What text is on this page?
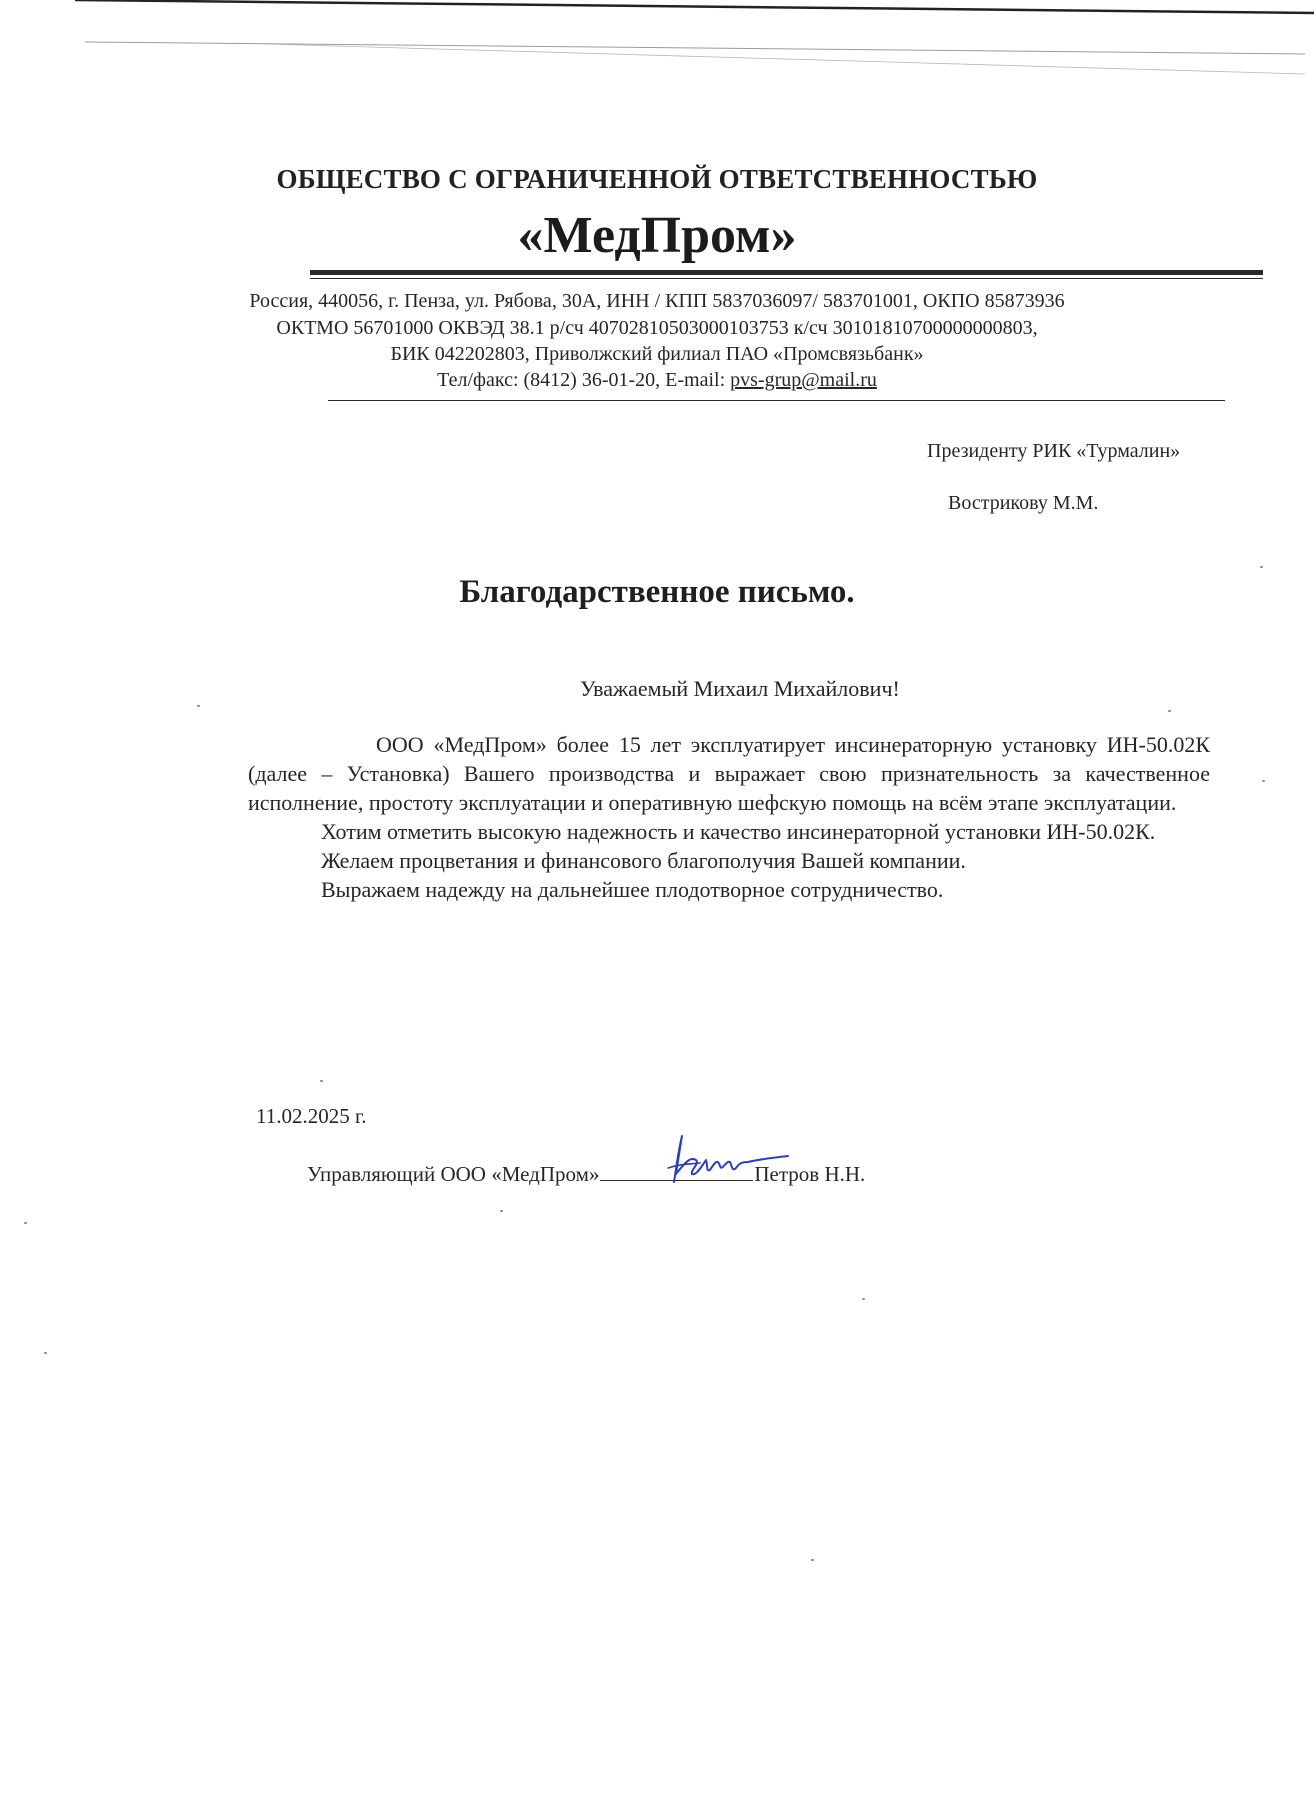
ОБЩЕСТВО С ОГРАНИЧЕННОЙ ОТВЕТСТВЕННОСТЬЮ
«МедПром»
Россия, 440056, г. Пенза, ул. Рябова, 30А, ИНН / КПП 5837036097/ 583701001, ОКПО 85873936
ОКТМО 56701000 ОКВЭД 38.1 р/сч 40702810503000103753 к/сч 30101810700000000803,
БИК 042202803, Приволжский филиал ПАО «Промсвязьбанк»
Тел/факс: (8412) 36-01-20, E-mail: pvs-grup@mail.ru
Президенту РИК «Турмалин»
Вострикову М.М.
Благодарственное письмо.
Уважаемый Михаил Михайлович!

ООО «МедПром» более 15 лет эксплуатирует инсинераторную установку ИН-50.02К (далее – Установка) Вашего производства и выражает свою признательность за качественное исполнение, простоту эксплуатации и оперативную шефскую помощь на всём этапе эксплуатации.

Хотим отметить высокую надежность и качество инсинераторной установки ИН-50.02К.

Желаем процветания и финансового благополучия Вашей компании.

Выражаем надежду на дальнейшее плодотворное сотрудничество.

11.02.2025 г.
Управляющий ООО «МедПром»	Петров Н.Н.
